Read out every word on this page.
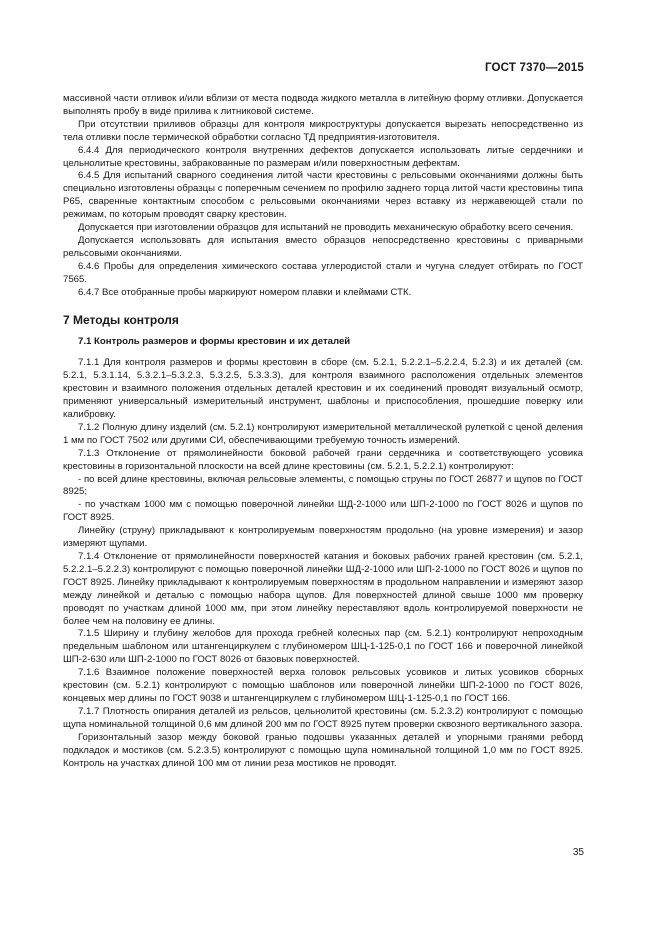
ГОСТ 7370—2015

массивной части отливок и/или вблизи от места подвода жидкого металла в литейную форму отливки. Допускается выполнять пробу в виде прилива к литниковой системе.

При отсутствии приливов образцы для контроля микроструктуры допускается вырезать непосредственно из тела отливки после термической обработки согласно ТД предприятия-изготовителя.

6.4.4 Для периодического контроля внутренних дефектов допускается использовать литые сердечники и цельнолитые крестовины, забракованные по размерам и/или поверхностным дефектам.

6.4.5 Для испытаний сварного соединения литой части крестовины с рельсовыми окончаниями должны быть специально изготовлены образцы с поперечным сечением по профилю заднего торца литой части крестовины типа Р65, сваренные контактным способом с рельсовыми окончаниями через вставку из нержавеющей стали по режимам, по которым проводят сварку крестовин.

Допускается при изготовлении образцов для испытаний не проводить механическую обработку всего сечения.

Допускается использовать для испытания вместо образцов непосредственно крестовины с приварными рельсовыми окончаниями.

6.4.6 Пробы для определения химического состава углеродистой стали и чугуна следует отбирать по ГОСТ 7565.

6.4.7 Все отобранные пробы маркируют номером плавки и клеймами СТК.

7 Методы контроля
7.1 Контроль размеров и формы крестовин и их деталей

7.1.1 Для контроля размеров и формы крестовин в сборе (см. 5.2.1, 5.2.2.1–5.2.2.4, 5.2.3) и их деталей (см. 5.2.1, 5.3.1.14, 5.3.2.1–5.3.2.3, 5.3.2.5, 5.3.3.3), для контроля взаимного расположения отдельных элементов крестовин и взаимного положения отдельных деталей крестовин и их соединений проводят визуальный осмотр, применяют универсальный измерительный инструмент, шаблоны и приспособления, прошедшие поверку или калибровку.

7.1.2 Полную длину изделий (см. 5.2.1) контролируют измерительной металлической рулеткой с ценой деления 1 мм по ГОСТ 7502 или другими СИ, обеспечивающими требуемую точность измерений.

7.1.3 Отклонение от прямолинейности боковой рабочей грани сердечника и соответствующего усовика крестовины в горизонтальной плоскости на всей длине крестовины (см. 5.2.1, 5.2.2.1) контролируют:

- по всей длине крестовины, включая рельсовые элементы, с помощью струны по ГОСТ 26877 и щупов по ГОСТ 8925;

- по участкам 1000 мм с помощью поверочной линейки ШД-2-1000 или ШП-2-1000 по ГОСТ 8026 и щупов по ГОСТ 8925.

Линейку (струну) прикладывают к контролируемым поверхностям продольно (на уровне измерения) и зазор измеряют щупами.

7.1.4 Отклонение от прямолинейности поверхностей катания и боковых рабочих граней крестовин (см. 5.2.1, 5.2.2.1–5.2.2.3) контролируют с помощью поверочной линейки ШД-2-1000 или ШП-2-1000 по ГОСТ 8026 и щупов по ГОСТ 8925. Линейку прикладывают к контролируемым поверхностям в продольном направлении и измеряют зазор между линейкой и деталью с помощью набора щупов. Для поверхностей длиной свыше 1000 мм проверку проводят по участкам длиной 1000 мм, при этом линейку переставляют вдоль контролируемой поверхности не более чем на половину ее длины.

7.1.5 Ширину и глубину желобов для прохода гребней колесных пар (см. 5.2.1) контролируют непроходным предельным шаблоном или штангенциркулем с глубиномером ШЦ-1-125-0,1 по ГОСТ 166 и поверочной линейкой ШП-2-630 или ШП-2-1000 по ГОСТ 8026 от базовых поверхностей.

7.1.6 Взаимное положение поверхностей верха головок рельсовых усовиков и литых усовиков сборных крестовин (см. 5.2.1) контролируют с помощью шаблонов или поверочной линейки ШП-2-1000 по ГОСТ 8026, концевых мер длины по ГОСТ 9038 и штангенциркулем с глубиномером ШЦ-1-125-0,1 по ГОСТ 166.

7.1.7 Плотность опирания деталей из рельсов, цельнолитой крестовины (см. 5.2.3.2) контролируют с помощью щупа номинальной толщиной 0,6 мм длиной 200 мм по ГОСТ 8925 путем проверки сквозного вертикального зазора.

Горизонтальный зазор между боковой гранью подошвы указанных деталей и упорными гранями реборд подкладок и мостиков (см. 5.2.3.5) контролируют с помощью щупа номинальной толщиной 1,0 мм по ГОСТ 8925. Контроль на участках длиной 100 мм от линии реза мостиков не проводят.

35
